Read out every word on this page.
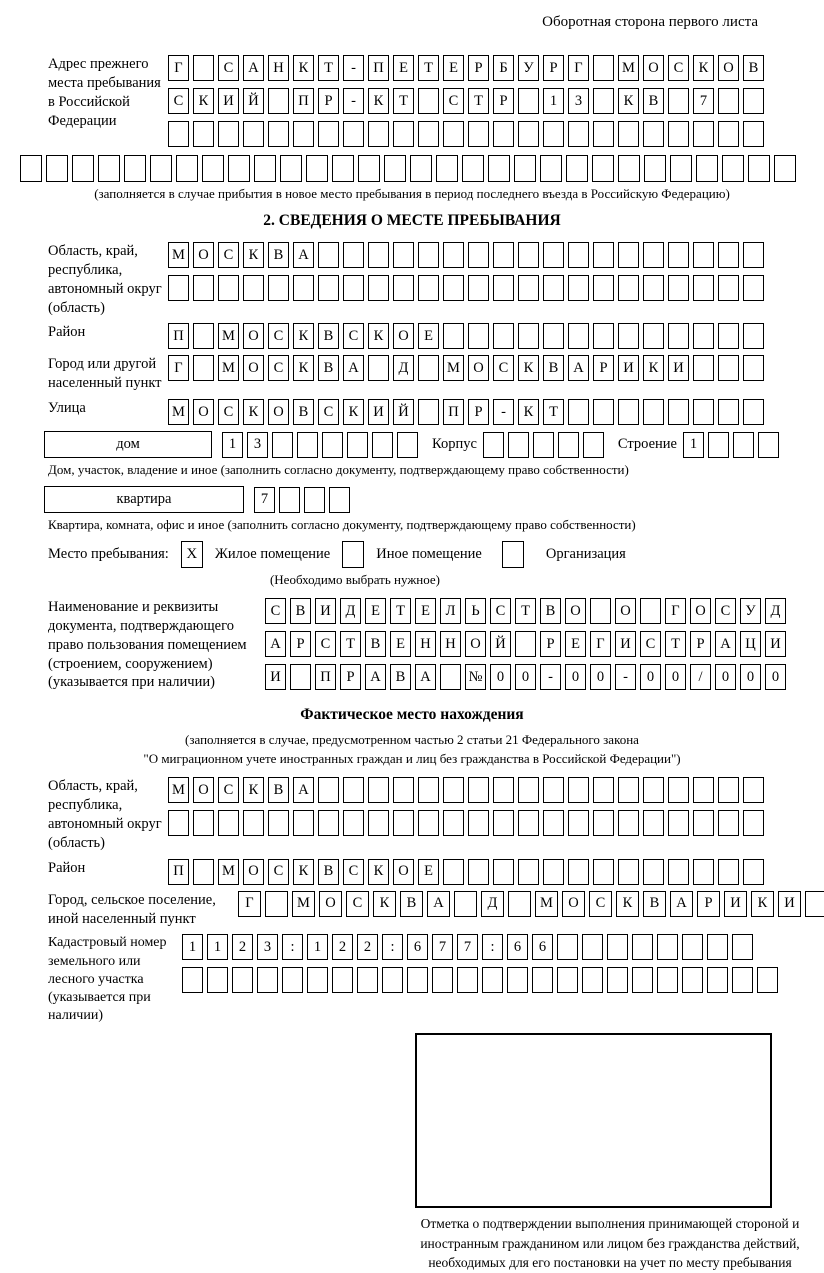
Оборотная сторона первого листа
Адрес прежнего места пребывания в Российской Федерации
Г	С	А	Н	К	Т	-	П	Е	Т	Е	Р	Б	У	Р	Г	М О	С	К	О	В
С	К	И	Й	П	Р	-	К	Т	С	Т	Р	1	3	К	В	7
(заполняется в случае прибытия в новое место пребывания в период последнего въезда в Российскую Федерацию)
2. СВЕДЕНИЯ О МЕСТЕ ПРЕБЫВАНИЯ
Область, край, республика, автономный округ (область)
М О	С	К	В	А
Район	П	М О	С	К	В	С	К	О	Е
Город или другой населенный пункт
Г	М О	С	К	В	А	Д	М О	С	К	В	А	Р	И	К	И
Улица	М О	С	К	О	В	С	К	И	Й	П	Р	-	К	Т
дом	1	3	Корпус	Строение 1
Дом, участок, владение и иное (заполнить согласно документу, подтверждающему право собственности)
квартира	7
Квартира, комната, офис и иное (заполнить согласно документу, подтверждающему право собственности)
Место пребывания:	Х	Жилое помещение	Иное помещение	Организация
(Необходимо выбрать нужное)
Наименование и реквизиты документа, подтверждающего право пользования помещением (строением, сооружением) (указывается при наличии)
С	В	И	Д	Е	Т	Е	Л	Ь	С	Т	В	О	О	Г	О	С	У	Д
А	Р	С	Т	В	Е	Н	Н	О	Й	Р	Е	Г	И	С	Т	Р	А	Ц	И
И	П	Р	А	В	А	№ 0	0	-	0	0	-	0	0	/	0	0	0
Фактическое место нахождения
(заполняется в случае, предусмотренном частью 2 статьи 21 Федерального закона
"О миграционном учете иностранных граждан и лиц без гражданства в Российской Федерации")
Область, край, республика, автономный округ (область)
М О	С	К	В	А
Район	П	М О	С	К	В	С	К	О	Е
Город, сельское поселение, иной населенный пункт
Г	М	О	С	К	В	А	Д	М	О	С	К	В	А	Р	И	К	И
Кадастровый номер земельного или лесного участка (указывается при наличии)
1	1	2	3	:	1	2	2	:	6	7	7	:	6	6
Отметка о подтверждении выполнения принимающей стороной и иностранным гражданином или лицом без гражданства действий, необходимых для его постановки на учет по месту пребывания
